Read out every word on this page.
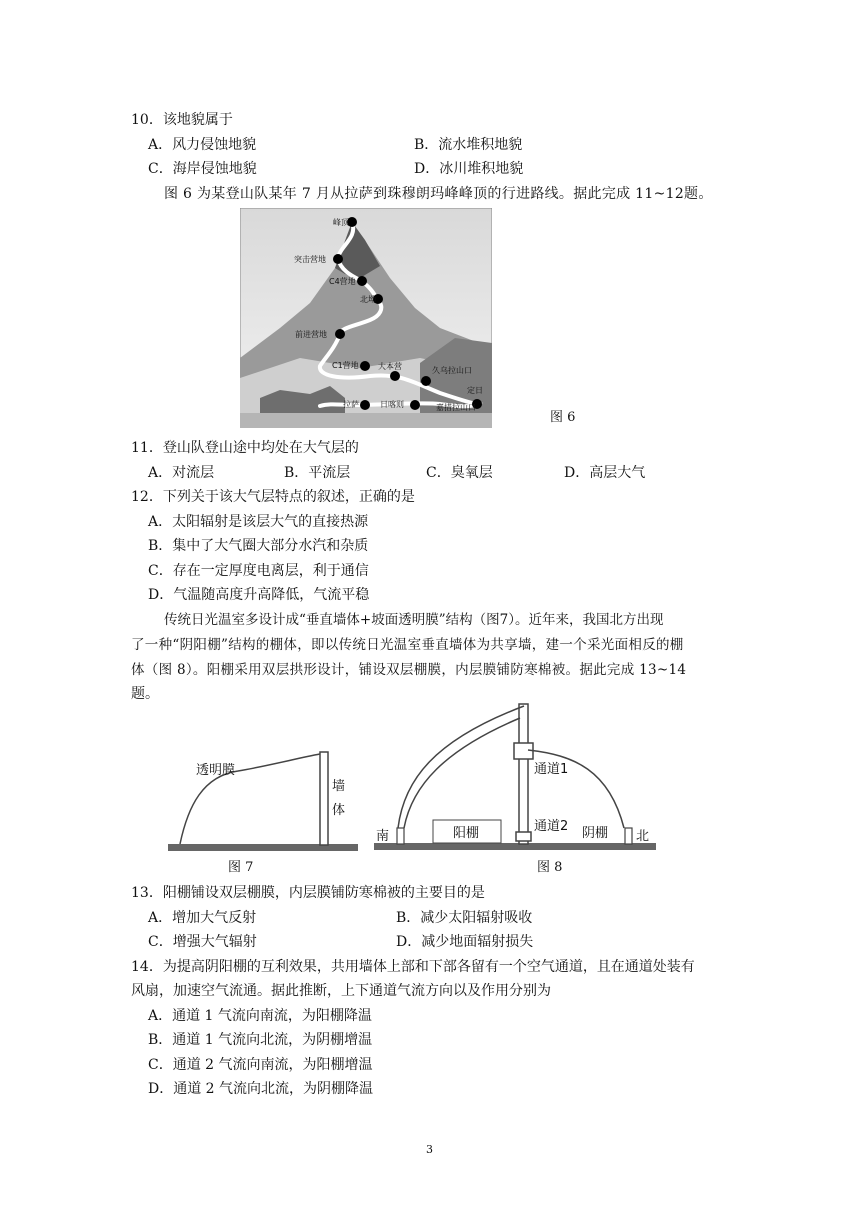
10．该地貌属于
A．风力侵蚀地貌	B．流水堆积地貌
C．海岸侵蚀地貌	D．冰川堆积地貌
图 6 为某登山队某年 7 月从拉萨到珠穆朗玛峰峰顶的行进路线。据此完成 11~12题。
峰顶
突击营地
C4营地
北坳
前进营地
C1营地 大本营	久乌拉山口
定日
拉萨	日喀则	嘉措拉山口
图 6
11．登山队登山途中均处在大气层的
A．对流层	B．平流层	C．臭氧层	D．高层大气
12．下列关于该大气层特点的叙述，正确的是
A．太阳辐射是该层大气的直接热源
B．集中了大气圈大部分水汽和杂质
C．存在一定厚度电离层，利于通信
D．气温随高度升高降低，气流平稳
传统日光温室多设计成“垂直墙体+坡面透明膜”结构（图7）。近年来，我国北方出现
了一种“阴阳棚”结构的棚体，即以传统日光温室垂直墙体为共享墙，建一个采光面相反的棚
体（图 8）。阳棚采用双层拱形设计，铺设双层棚膜，内层膜铺防寒棉被。据此完成 13~14
题。
透明膜
墙
体
图 7
南	北
阳棚	阴棚
通道1
通道2
图 8
13．阳棚铺设双层棚膜，内层膜铺防寒棉被的主要目的是
A．增加大气反射	B．减少太阳辐射吸收
C．增强大气辐射	D．减少地面辐射损失
14．为提高阴阳棚的互利效果，共用墙体上部和下部各留有一个空气通道，且在通道处装有
风扇，加速空气流通。据此推断，上下通道气流方向以及作用分别为
A．通道 1 气流向南流，为阳棚降温
B．通道 1 气流向北流，为阴棚增温
C．通道 2 气流向南流，为阳棚增温
D．通道 2 气流向北流，为阴棚降温
3
